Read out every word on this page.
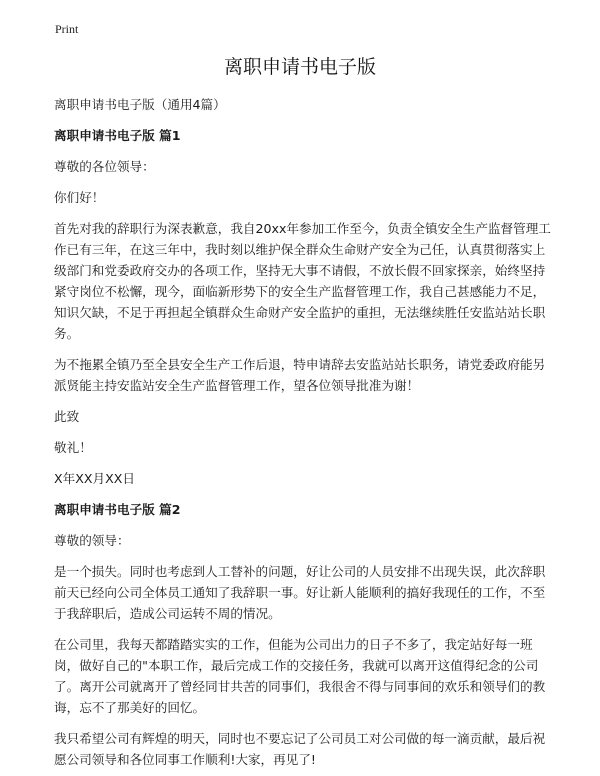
Print
离职申请书电子版

离职申请书电子版（通用4篇）

离职申请书电子版 篇1

尊敬的各位领导：

你们好！

首先对我的辞职行为深表歉意，我自20xx年参加工作至今，负责全镇安全生产监督管理工作已有三年，在这三年中，我时刻以维护保全群众生命财产安全为己任，认真贯彻落实上级部门和党委政府交办的各项工作，坚持无大事不请假，不放长假不回家探亲，始终坚持紧守岗位不松懈，现今，面临新形势下的安全生产监督管理工作，我自己甚感能力不足，知识欠缺，不足于再担起全镇群众生命财产安全监护的重担，无法继续胜任安监站站长职务。

为不拖累全镇乃至全县安全生产工作后退，特申请辞去安监站站长职务，请党委政府能另派贤能主持安监站安全生产监督管理工作，望各位领导批准为谢！

此致

敬礼！

X年XX月XX日

离职申请书电子版 篇2

尊敬的领导：

是一个损失。同时也考虑到人工替补的问题，好让公司的人员安排不出现失误，此次辞职前天已经向公司全体员工通知了我辞职一事。好让新人能顺利的搞好我现任的工作，不至于我辞职后，造成公司运转不周的情况。

在公司里，我每天都踏踏实实的工作，但能为公司出力的日子不多了，我定站好每一班岗，做好自己的"本职工作，最后完成工作的交接任务，我就可以离开这值得纪念的公司了。离开公司就离开了曾经同甘共苦的同事们，我很舍不得与同事间的欢乐和领导们的教诲，忘不了那美好的回忆。

我只希望公司有辉煌的明天，同时也不要忘记了公司员工对公司做的每一滴贡献，最后祝愿公司领导和各位同事工作顺利!大家，再见了!
